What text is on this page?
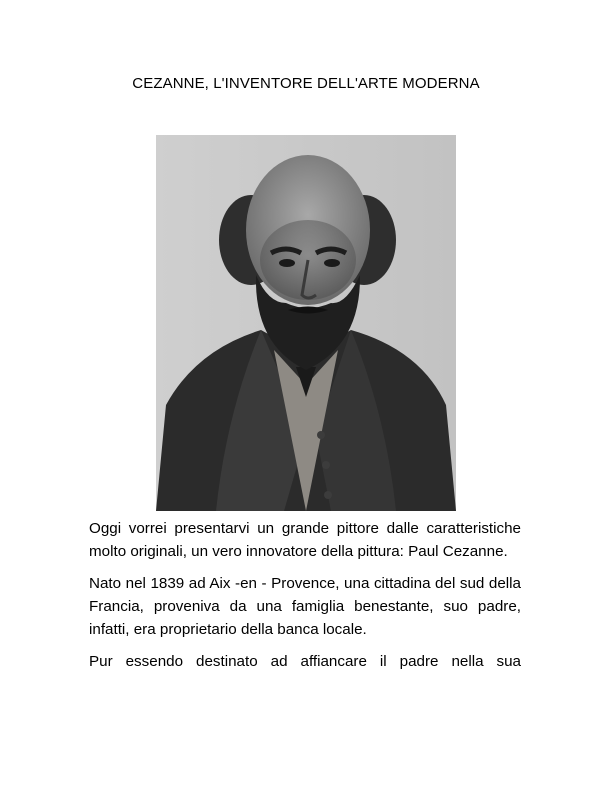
CEZANNE, L'INVENTORE DELL'ARTE MODERNA

Oggi vorrei presentarvi un grande pittore dalle caratteristiche molto originali, un vero innovatore della pittura: Paul Cezanne.

Nato nel 1839 ad Aix -en - Provence, una cittadina del sud della Francia, proveniva da una famiglia benestante, suo padre, infatti, era proprietario della banca locale.

Pur essendo destinato ad affiancare il padre nella sua
